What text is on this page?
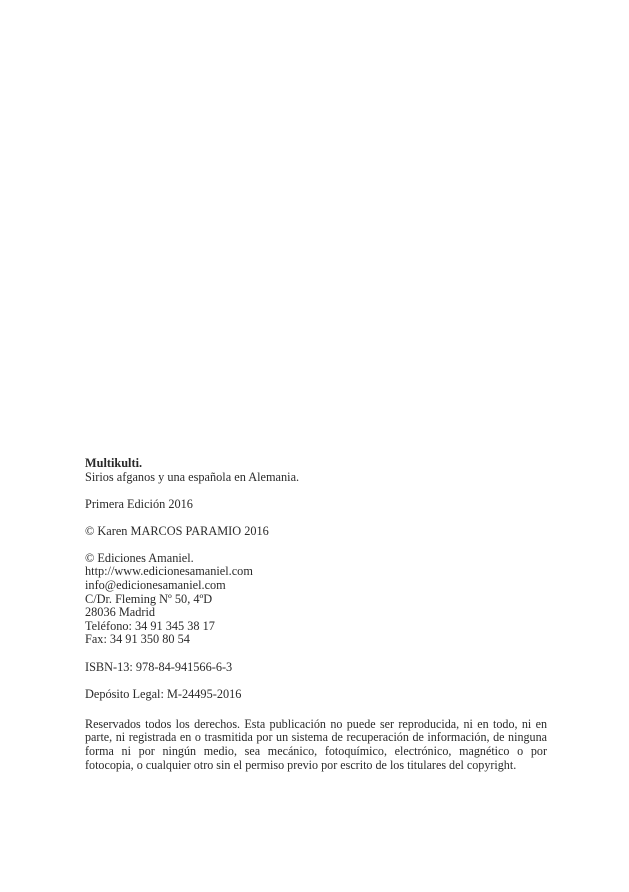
Multikulti.
Sirios afganos y una española en Alemania.
Primera Edición 2016
© Karen MARCOS PARAMIO 2016
© Ediciones Amaniel.
http://www.edicionesamaniel.com
info@edicionesamaniel.com
C/Dr. Fleming Nº 50, 4ºD
28036 Madrid
Teléfono: 34 91 345 38 17
Fax: 34 91 350 80 54
ISBN-13: 978-84-941566-6-3
Depósito Legal: M-24495-2016
Reservados todos los derechos. Esta publicación no puede ser reproducida, ni en todo, ni en parte, ni registrada en o trasmitida por un sistema de recuperación de información, de ninguna forma ni por ningún medio, sea mecánico, fotoquímico, electrónico, magnético o por fotocopia, o cualquier otro sin el permiso previo por escrito de los titulares del copyright.
